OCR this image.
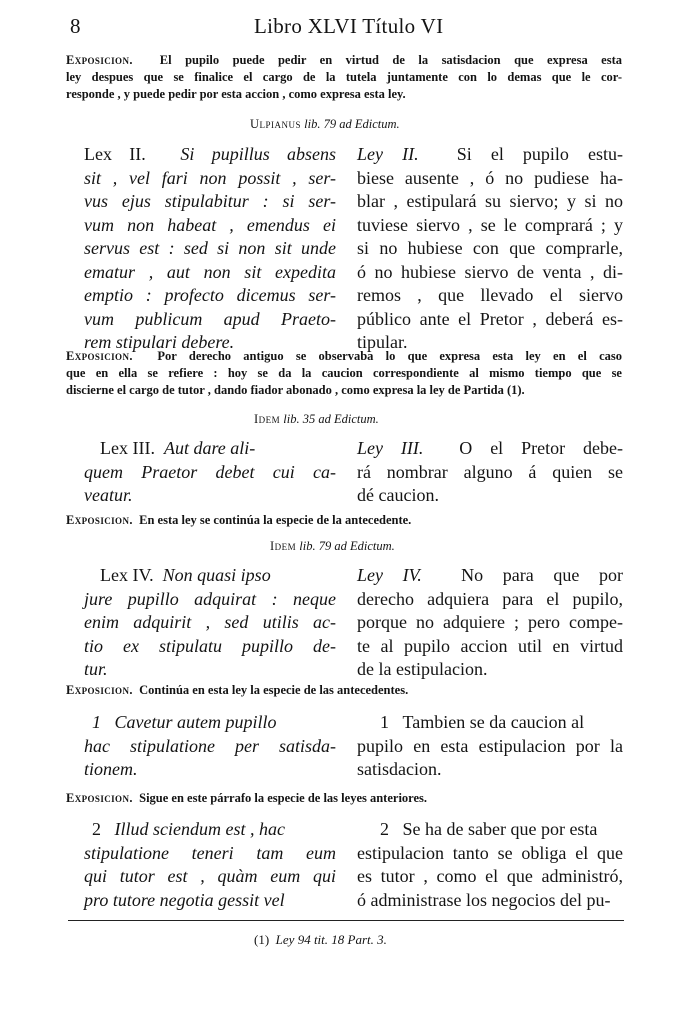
8	Libro XLVI Título VI
Exposicion. El pupilo puede pedir en virtud de la satisdacion que expresa esta
ley despues que se finalice el cargo de la tutela juntamente con lo demas que le cor-
responde , y puede pedir por esta accion , como expresa esta ley.
Ulpianus lib. 79 ad Edictum.
Lex II. Si pupillus absens
sit , vel fari non possit , ser-
vus ejus stipulabitur : si ser-
vum non habeat , emendus ei
servus est : sed si non sit unde
ematur , aut non sit expedita
emptio : profecto dicemus ser-
vum publicum apud Praeto-
rem stipulari debere.
Ley II. Si el pupilo estu-
biese ausente , ó no pudiese ha-
blar , estipulará su siervo; y si no
tuviese siervo , se le comprará ; y
si no hubiese con que comprarle,
ó no hubiese siervo de venta , di-
remos , que llevado el siervo
público ante el Pretor , deberá es-
tipular.
Exposicion. Por derecho antiguo se observaba lo que expresa esta ley en el caso
que en ella se refiere : hoy se da la caucion correspondiente al mismo tiempo que se
discierne el cargo de tutor , dando fiador abonado , como expresa la ley de Partida (1).
Idem lib. 35 ad Edictum.
Lex III. Aut dare ali-
quem Praetor debet cui ca-
veatur.
Ley III. O el Pretor debe-
rá nombrar alguno á quien se
dé caucion.
Exposicion. En esta ley se continúa la especie de la antecedente.
Idem lib. 79 ad Edictum.
Lex IV. Non quasi ipso
jure pupillo adquirat : neque
enim adquirit , sed utilis ac-
tio ex stipulatu pupillo de-
tur.
Ley IV. No para que por
derecho adquiera para el pupilo,
porque no adquiere ; pero compe-
te al pupilo accion util en virtud
de la estipulacion.
Exposicion. Continúa en esta ley la especie de las antecedentes.
1 Cavetur autem pupillo
hac stipulatione per satisda-
tionem.
1 Tambien se da caucion al
pupilo en esta estipulacion por la
satisdacion.
Exposicion. Sigue en este párrafo la especie de las leyes anteriores.
2 Illud sciendum est , hac
stipulatione teneri tam eum
qui tutor est , quàm eum qui
pro tutore negotia gessit vel
2 Se ha de saber que por esta
estipulacion tanto se obliga el que
es tutor , como el que administró,
ó administrase los negocios del pu-
(1) Ley 94 tit. 18 Part. 3.
